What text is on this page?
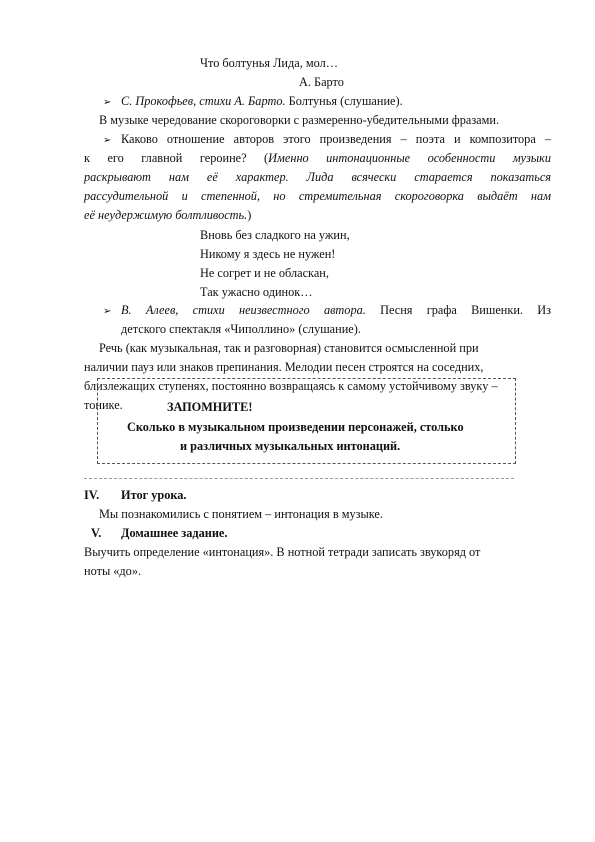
Что болтунья Лида, мол…
А. Барто
➢ С. Прокофьев, стихи А. Барто. Болтунья (слушание).
В музыке чередование скороговорки с размеренно-убедительными фразами.
➢ Каково отношение авторов этого произведения – поэта и композитора –
к его главной героине? (Именно интонационные особенности музыки
раскрывают нам её характер. Лида всячески старается показаться
рассудительной и степенной, но стремительная скороговорка выдаёт нам
её неудержимую болтливость.)
Вновь без сладкого на ужин,
Никому я здесь не нужен!
Не согрет и не обласкан,
Так ужасно одинок…
➢ В. Алеев, стихи неизвестного автора. Песня графа Вишенки. Из
детского спектакля «Чиполлино» (слушание).
Речь (как музыкальная, так и разговорная) становится осмысленной при
наличии пауз или знаков препинания. Мелодии песен строятся на соседних,
близлежащих ступенях, постоянно возвращаясь к самому устойчивому звуку –
тонике.	ЗАПОМНИТЕ!
Сколько в музыкальном произведении персонажей, столько
и различных музыкальных интонаций.
IV. Итог урока.
Мы познакомились с понятием – интонация в музыке.
V. Домашнее задание.
Выучить определение «интонация». В нотной тетради записать звукоряд от
ноты «до».
